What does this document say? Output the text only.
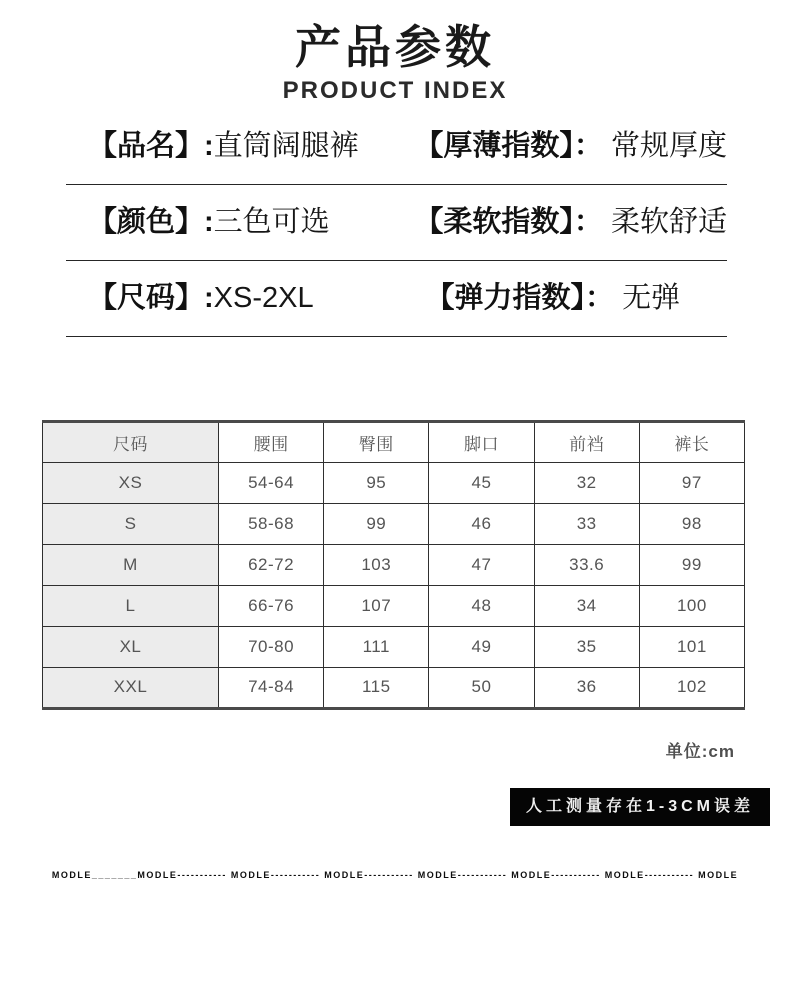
产品参数
PRODUCT INDEX
【品名】:直筒阔腿裤	【厚薄指数】： 常规厚度
【颜色】:三色可选	【柔软指数】： 柔软舒适
【尺码】:XS-2XL	【弹力指数】： 无弹
尺码	腰围	臀围	脚口	前裆	裤长
XS	54-64	95	45	32	97
S	58-68	99	46	33	98
M	62-72	103	47	33.6	99
L	66-76	107	48	34	100
XL	70-80	111	49	35	101
XXL	74-84	115	50	36	102
单位:cm
人工测量存在1-3CM误差
MODLE_______MODLE----------- MODLE----------- MODLE----------- MODLE----------- MODLE----------- MODLE----------- MODLE
